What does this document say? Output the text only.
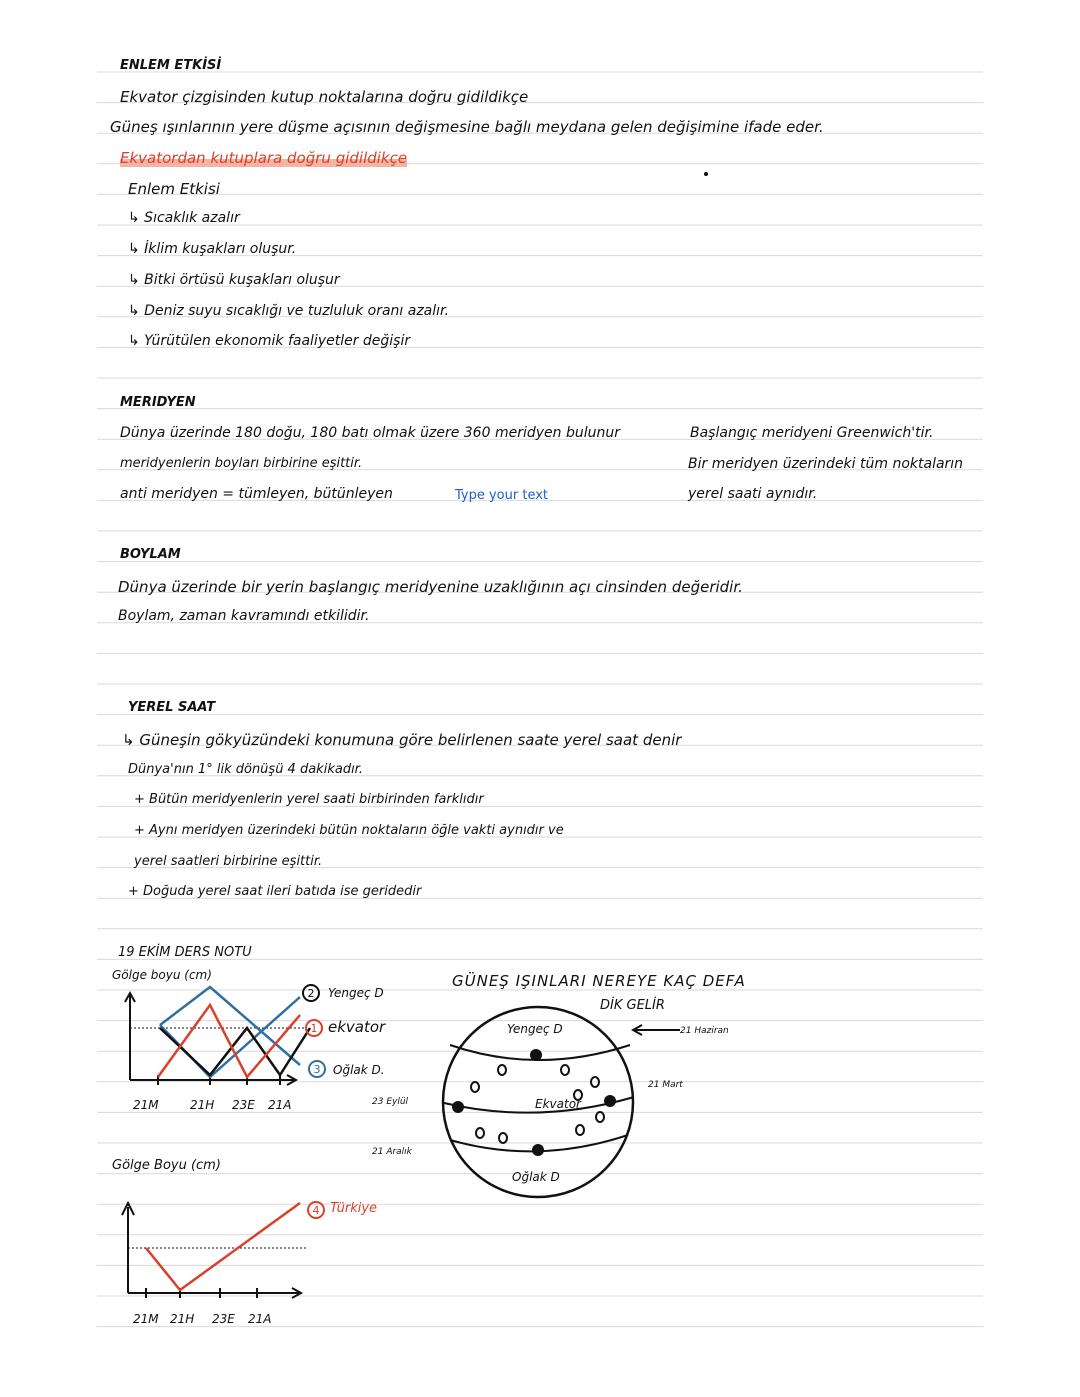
ENLEM ETKİSİ
Ekvator çizgisinden kutup noktalarına doğru gidildikçe
Güneş ışınlarının yere düşme açısının değişmesine bağlı meydana gelen değişimine ifade eder.
Ekvatordan kutuplara doğru gidildikçe
Enlem Etkisi
↳ Sıcaklık azalır
↳ İklim kuşakları oluşur.
↳ Bitki örtüsü kuşakları oluşur
↳ Deniz suyu sıcaklığı ve tuzluluk oranı azalır.
↳ Yürütülen ekonomik faaliyetler değişir
MERIDYEN
Dünya üzerinde 180 doğu, 180 batı olmak üzere 360 meridyen bulunur
meridyenlerin boyları birbirine eşittir.
anti meridyen = tümleyen, bütünleyen	Type your text
Başlangıç meridyeni Greenwich'tir.
Bir meridyen üzerindeki tüm noktaların
yerel saati aynıdır.
BOYLAM
Dünya üzerinde bir yerin başlangıç meridyenine uzaklığının açı cinsinden değeridir.
Boylam, zaman kavramındı etkilidir.
YEREL SAAT
↳ Güneşin gökyüzündeki konumuna göre belirlenen saate yerel saat denir
Dünya'nın 1° lik dönüşü 4 dakikadır.
+ Bütün meridyenlerin yerel saati birbirinden farklıdır
+ Aynı meridyen üzerindeki bütün noktaların öğle vakti aynıdır ve
yerel saatleri birbirine eşittir.
+ Doğuda yerel saat ileri batıda ise geridedir
19 EKİM DERS NOTU
Gölge boyu (cm)
21M	21H 23E 21A
2	Yengeç D
1 ekvator
3	Oğlak D.
Gölge Boyu (cm)
4 Türkiye
21M 21H 23E 21A
GÜNEŞ IŞINLARI NEREYE KAÇ DEFA
DİK GELİR
Yengeç D
Ekvator
Oğlak D
21 Haziran
21 Mart
23 Eylül
21 Aralık
